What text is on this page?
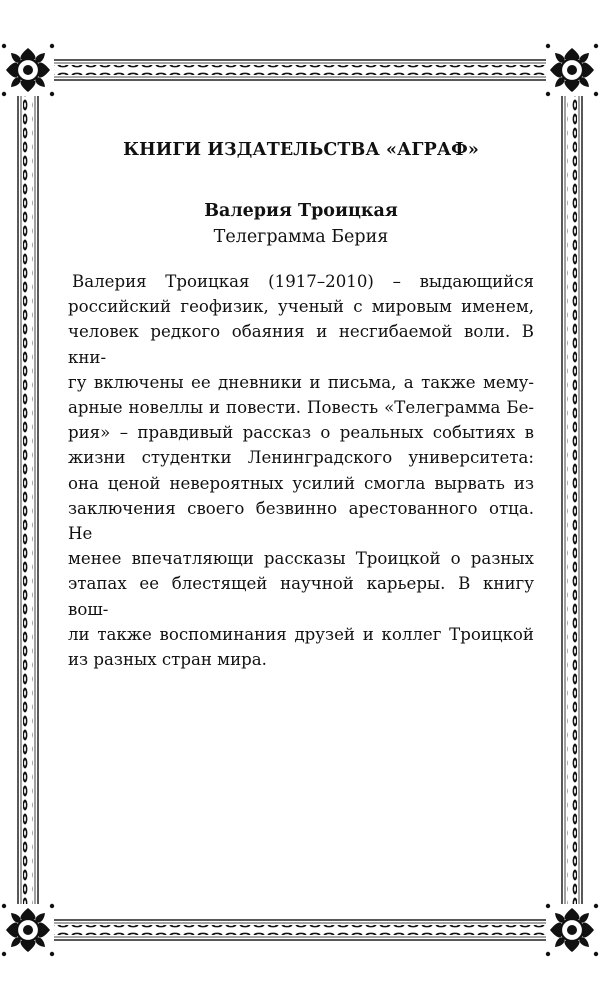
КНИГИ ИЗДАТЕЛЬСТВА «АГРАФ»

Валерия Троицкая

Телеграмма Берия

Валерия Троицкая (1917–2010) – выдающийся
российский геофизик, ученый с мировым именем,
человек редкого обаяния и несгибаемой воли. В кни-
гу включены ее дневники и письма, а также мему-
арные новеллы и повести. Повесть «Телеграмма Бе-
рия» – правдивый рассказ о реальных событиях в
жизни студентки Ленинградского университета:
она ценой невероятных усилий смогла вырвать из
заключения своего безвинно арестованного отца. Не
менее впечатляющи рассказы Троицкой о разных
этапах ее блестящей научной карьеры. В книгу вош-
ли также воспоминания друзей и коллег Троицкой
из разных стран мира.
